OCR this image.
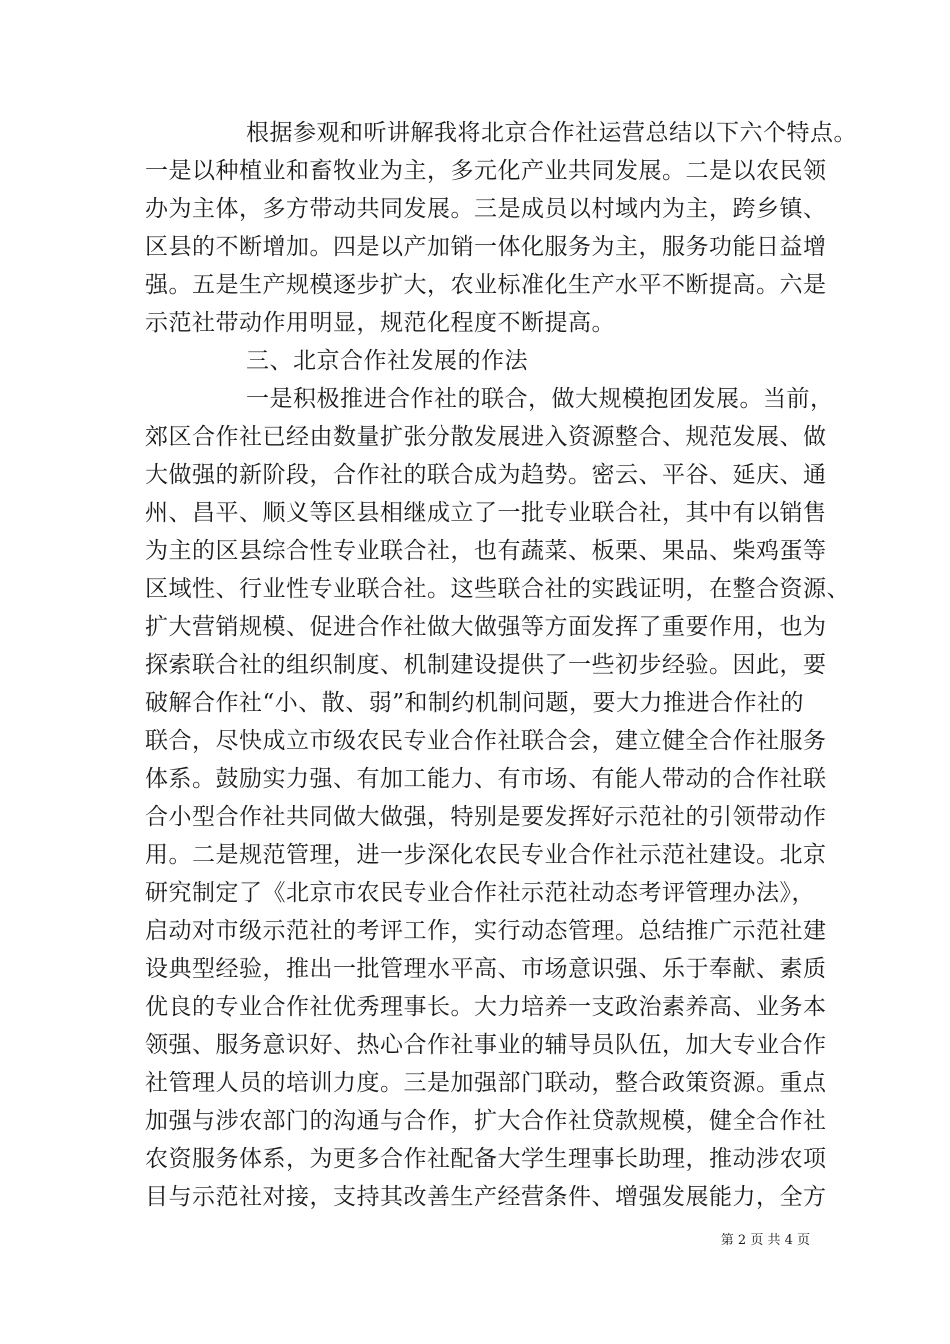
根据参观和听讲解我将北京合作社运营总结以下六个特点。
一是以种植业和畜牧业为主，多元化产业共同发展。二是以农民领
办为主体，多方带动共同发展。三是成员以村域内为主，跨乡镇、
区县的不断增加。四是以产加销一体化服务为主，服务功能日益增
强。五是生产规模逐步扩大，农业标准化生产水平不断提高。六是
示范社带动作用明显，规范化程度不断提高。
三、北京合作社发展的作法
一是积极推进合作社的联合，做大规模抱团发展。当前，
郊区合作社已经由数量扩张分散发展进入资源整合、规范发展、做
大做强的新阶段，合作社的联合成为趋势。密云、平谷、延庆、通
州、昌平、顺义等区县相继成立了一批专业联合社，其中有以销售
为主的区县综合性专业联合社，也有蔬菜、板栗、果品、柴鸡蛋等
区域性、行业性专业联合社。这些联合社的实践证明，在整合资源、
扩大营销规模、促进合作社做大做强等方面发挥了重要作用，也为
探索联合社的组织制度、机制建设提供了一些初步经验。因此，要
破解合作社“小、散、弱”和制约机制问题，要大力推进合作社的
联合，尽快成立市级农民专业合作社联合会，建立健全合作社服务
体系。鼓励实力强、有加工能力、有市场、有能人带动的合作社联
合小型合作社共同做大做强，特别是要发挥好示范社的引领带动作
用。二是规范管理，进一步深化农民专业合作社示范社建设。北京
研究制定了《北京市农民专业合作社示范社动态考评管理办法》，
启动对市级示范社的考评工作，实行动态管理。总结推广示范社建
设典型经验，推出一批管理水平高、市场意识强、乐于奉献、素质
优良的专业合作社优秀理事长。大力培养一支政治素养高、业务本
领强、服务意识好、热心合作社事业的辅导员队伍，加大专业合作
社管理人员的培训力度。三是加强部门联动，整合政策资源。重点
加强与涉农部门的沟通与合作，扩大合作社贷款规模，健全合作社
农资服务体系，为更多合作社配备大学生理事长助理，推动涉农项
目与示范社对接，支持其改善生产经营条件、增强发展能力，全方
第 2 页 共 4 页
